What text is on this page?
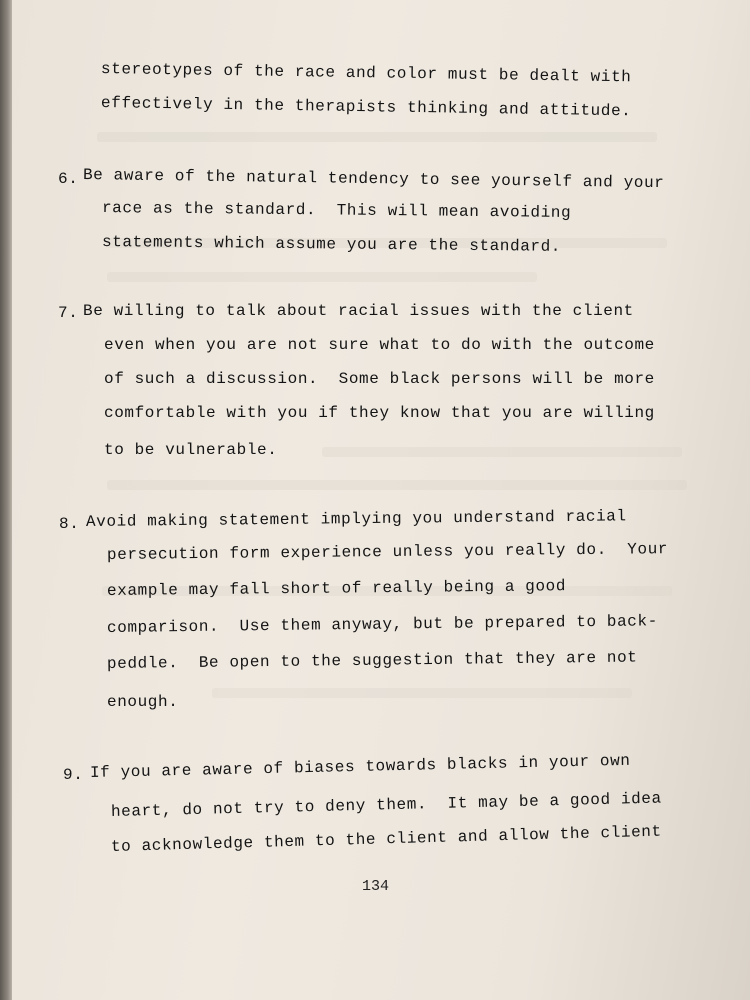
stereotypes of the race and color must be dealt with

effectively in the therapists thinking and attitude.

6.

Be aware of the natural tendency to see yourself and your

race as the standard.  This will mean avoiding

statements which assume you are the standard.

7.

Be willing to talk about racial issues with the client

even when you are not sure what to do with the outcome

of such a discussion.  Some black persons will be more

comfortable with you if they know that you are willing

to be vulnerable.

8.

Avoid making statement implying you understand racial

persecution form experience unless you really do.  Your

example may fall short of really being a good

comparison.  Use them anyway, but be prepared to back-

peddle.  Be open to the suggestion that they are not

enough.

9.

If you are aware of biases towards blacks in your own

heart, do not try to deny them.  It may be a good idea

to acknowledge them to the client and allow the client

134
